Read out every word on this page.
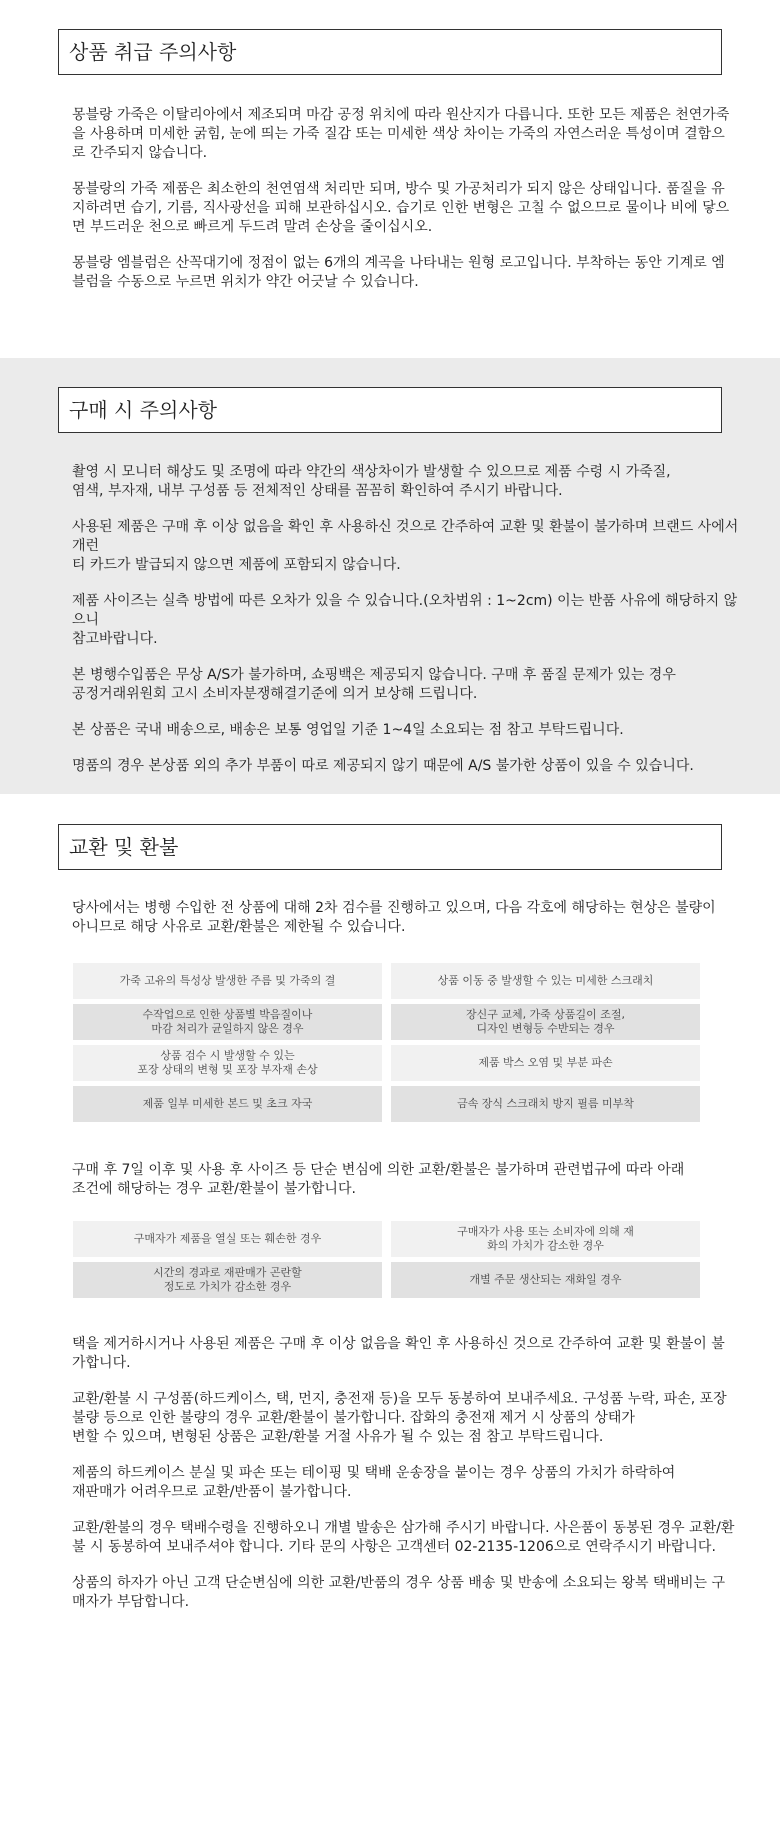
상품 취급 주의사항
몽블랑 가죽은 이탈리아에서 제조되며 마감 공정 위치에 따라 원산지가 다릅니다. 또한 모든 제품은 천연가죽
을 사용하며 미세한 굵힘, 눈에 띄는 가죽 질감 또는 미세한 색상 차이는 가죽의 자연스러운 특성이며 결함으
로 간주되지 않습니다.
몽블랑의 가죽 제품은 최소한의 천연염색 처리만 되며, 방수 및 가공처리가 되지 않은 상태입니다. 품질을 유
지하려면 습기, 기름, 직사광선을 피해 보관하십시오. 습기로 인한 변형은 고칠 수 없으므로 물이나 비에 닿으
면 부드러운 천으로 빠르게 두드려 말려 손상을 줄이십시오.
몽블랑 엠블럼은 산꼭대기에 정점이 없는 6개의 계곡을 나타내는 원형 로고입니다. 부착하는 동안 기계로 엠
블럼을 수동으로 누르면 위치가 약간 어긋날 수 있습니다.
구매 시 주의사항
촬영 시 모니터 해상도 및 조명에 따라 약간의 색상차이가 발생할 수 있으므로 제품 수령 시 가죽질,
염색, 부자재, 내부 구성품 등 전체적인 상태를 꼼꼼히 확인하여 주시기 바랍니다.
사용된 제품은 구매 후 이상 없음을 확인 후 사용하신 것으로 간주하여 교환 및 환불이 불가하며 브랜드 사에서 개런
티 카드가 발급되지 않으면 제품에 포함되지 않습니다.
제품 사이즈는 실측 방법에 따른 오차가 있을 수 있습니다.(오차범위 : 1~2cm) 이는 반품 사유에 해당하지 않으니
참고바랍니다.
본 병행수입품은 무상 A/S가 불가하며, 쇼핑백은 제공되지 않습니다. 구매 후 품질 문제가 있는 경우
공정거래위원회 고시 소비자분쟁해결기준에 의거 보상해 드립니다.
본 상품은 국내 배송으로, 배송은 보통 영업일 기준 1~4일 소요되는 점 참고 부탁드립니다.
명품의 경우 본상품 외의 추가 부품이 따로 제공되지 않기 때문에 A/S 불가한 상품이 있을 수 있습니다.
교환 및 환불
당사에서는 병행 수입한 전 상품에 대해 2차 검수를 진행하고 있으며, 다음 각호에 해당하는 현상은 불량이
아니므로 해당 사유로 교환/환불은 제한될 수 있습니다.
가죽 고유의 특성상 발생한 주름 및 가죽의 결	상품 이동 중 발생할 수 있는 미세한 스크래치
수작업으로 인한 상품별 박음질이나
마감 처리가 균일하지 않은 경우
장신구 교체, 가죽 상품길이 조절,
디자인 변형등 수반되는 경우
상품 검수 시 발생할 수 있는
포장 상태의 변형 및 포장 부자재 손상
제품 박스 오염 및 부분 파손
제품 일부 미세한 본드 및 초크 자국	금속 장식 스크래치 방지 필름 미부착
구매 후 7일 이후 및 사용 후 사이즈 등 단순 변심에 의한 교환/환불은 불가하며 관련법규에 따라 아래
조건에 해당하는 경우 교환/환불이 불가합니다.
구매자가 제품을 열실 또는 훼손한 경우
구매자가 사용 또는 소비자에 의해 재
화의 가치가 감소한 경우
시간의 경과로 재판매가 곤란할
정도로 가치가 감소한 경우
개별 주문 생산되는 재화일 경우
택을 제거하시거나 사용된 제품은 구매 후 이상 없음을 확인 후 사용하신 것으로 간주하여 교환 및 환불이 불
가합니다.
교환/환불 시 구성품(하드케이스, 택, 먼지, 충전재 등)을 모두 동봉하여 보내주세요. 구성품 누락, 파손, 포장
불량 등으로 인한 불량의 경우 교환/환불이 불가합니다. 잡화의 충전재 제거 시 상품의 상태가
변할 수 있으며, 변형된 상품은 교환/환불 거절 사유가 될 수 있는 점 참고 부탁드립니다.
제품의 하드케이스 분실 및 파손 또는 테이핑 및 택배 운송장을 붙이는 경우 상품의 가치가 하락하여
재판매가 어려우므로 교환/반품이 불가합니다.
교환/환불의 경우 택배수령을 진행하오니 개별 발송은 삼가해 주시기 바랍니다. 사은품이 동봉된 경우 교환/환
불 시 동봉하여 보내주셔야 합니다. 기타 문의 사항은 고객센터 02-2135-1206으로 연락주시기 바랍니다.
상품의 하자가 아닌 고객 단순변심에 의한 교환/반품의 경우 상품 배송 및 반송에 소요되는 왕복 택배비는 구
매자가 부담합니다.
